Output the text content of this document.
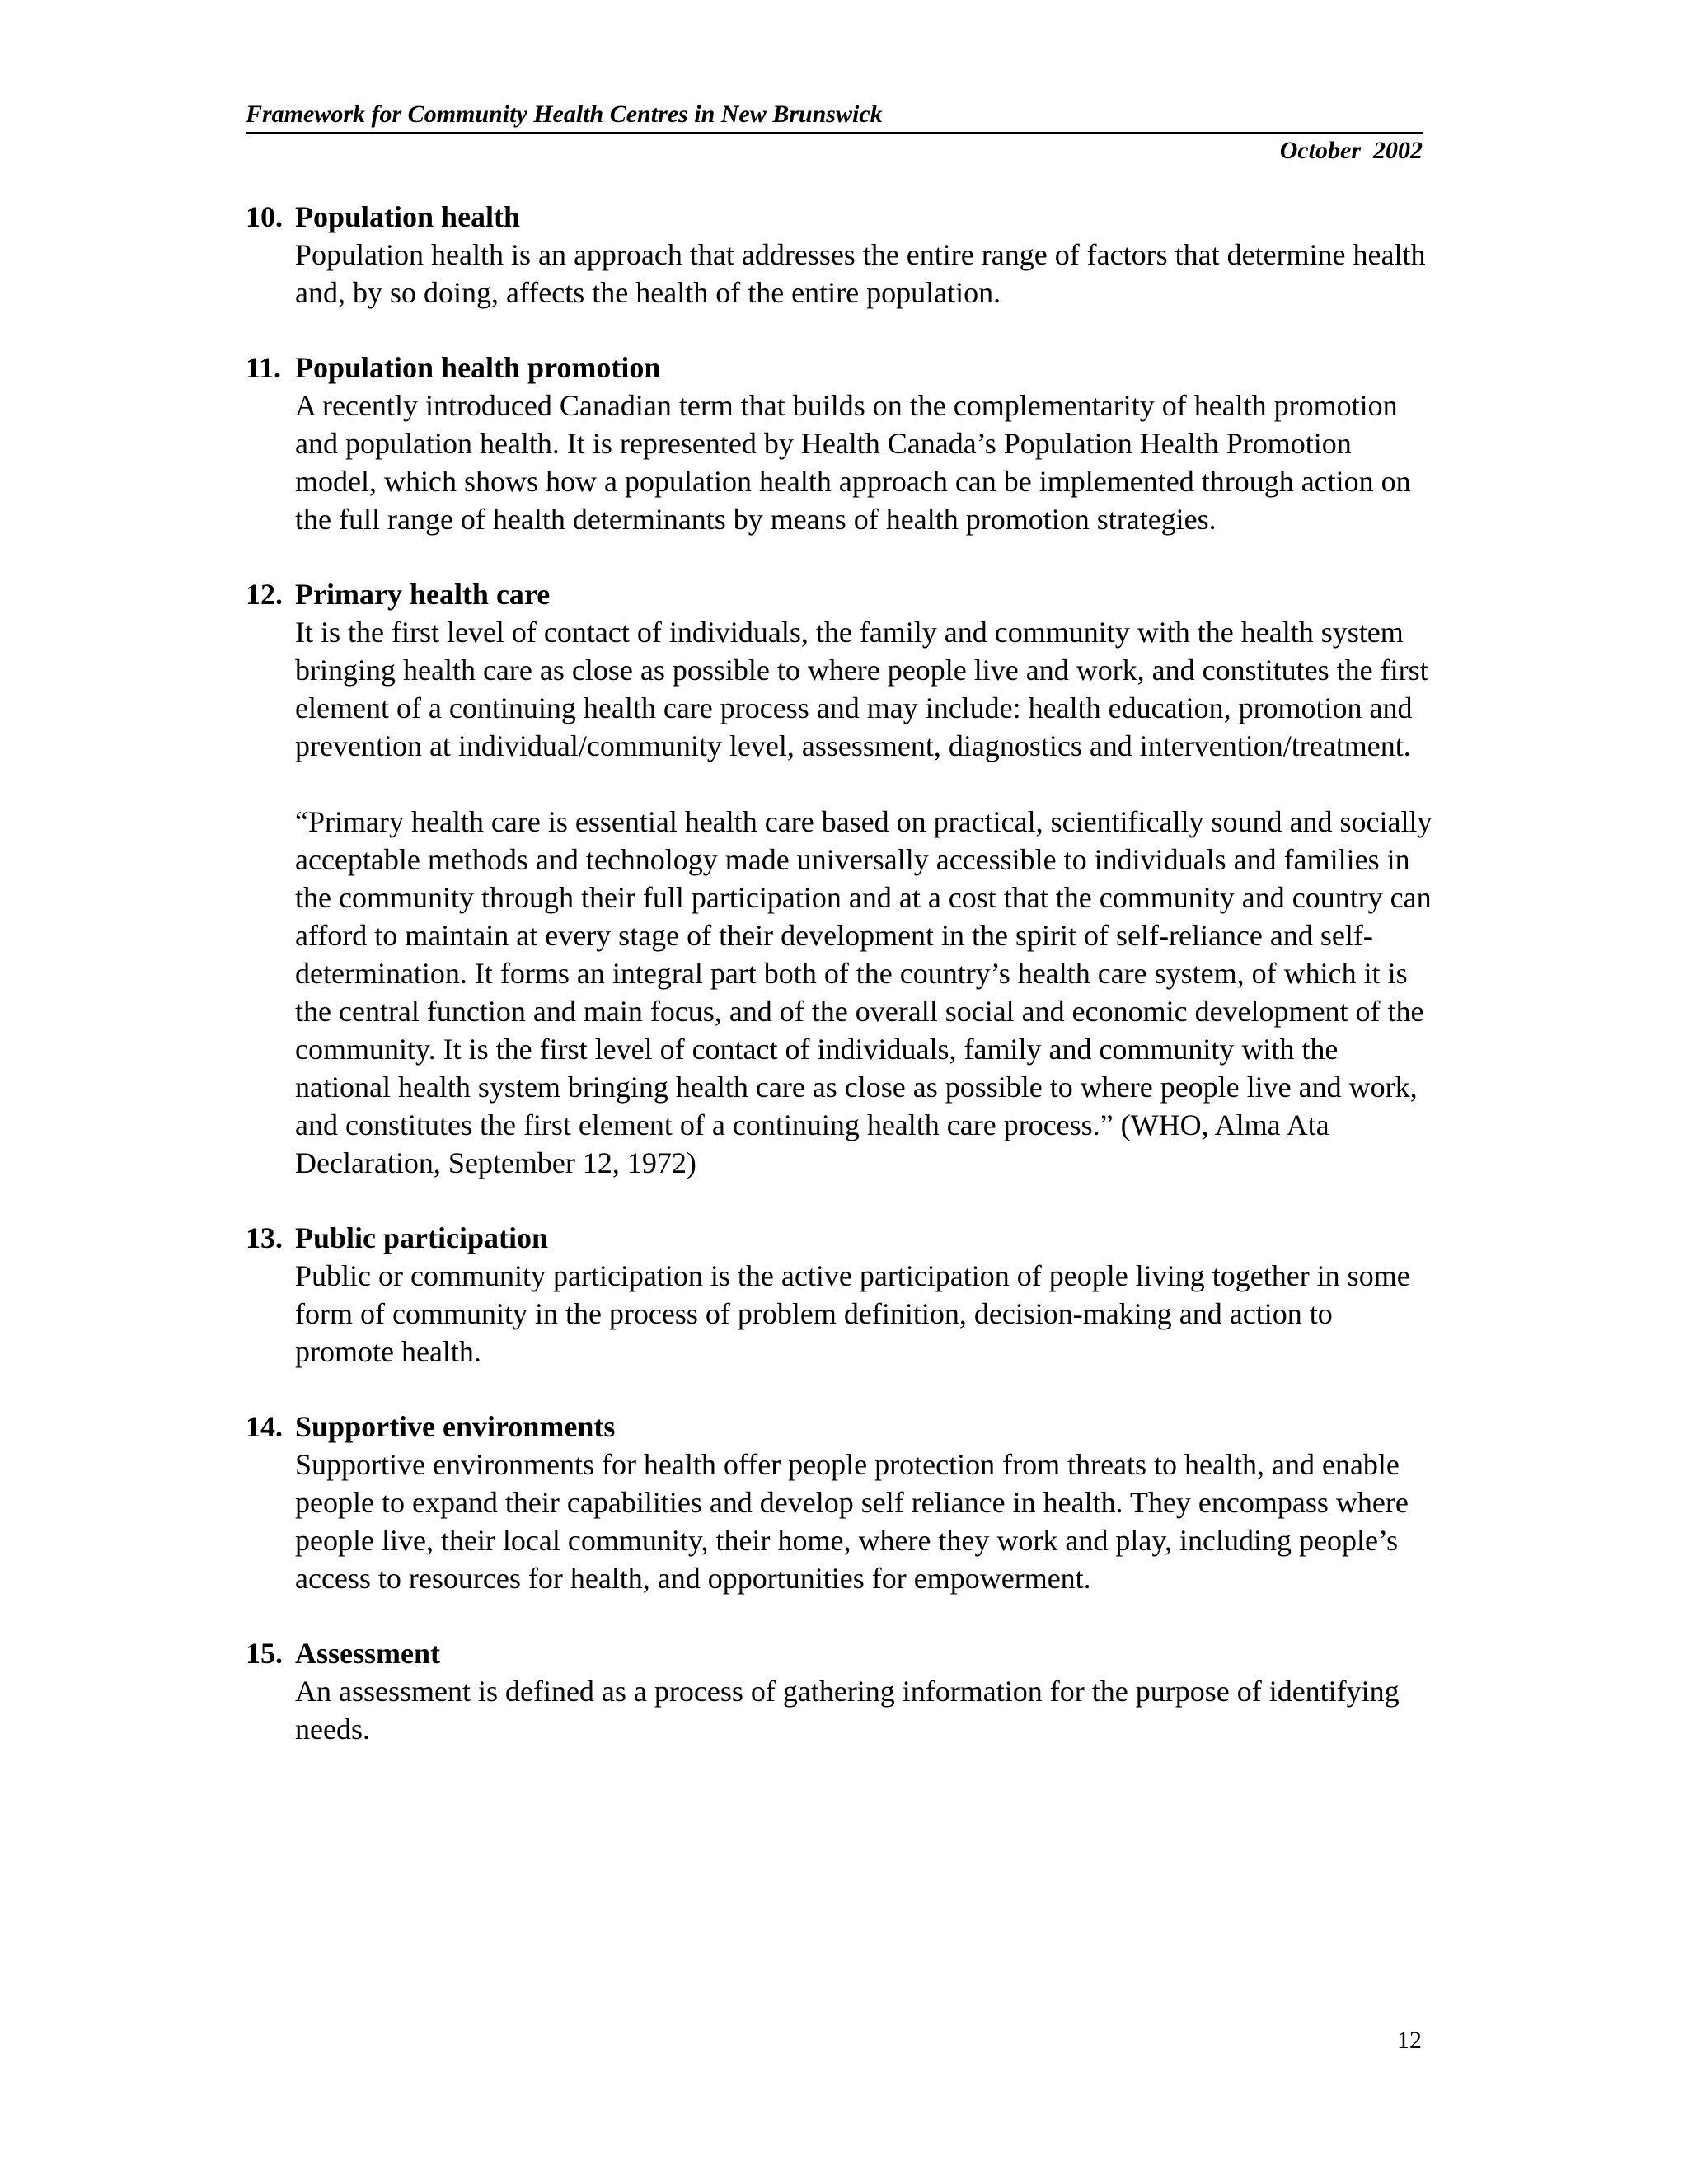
Framework for Community Health Centres in New Brunswick
October  2002
10. Population health

Population health is an approach that addresses the entire range of factors that determine health and, by so doing, affects the health of the entire population.

11. Population health promotion

A recently introduced Canadian term that builds on the complementarity of health promotion and population health. It is represented by Health Canada’s Population Health Promotion model, which shows how a population health approach can be implemented through action on the full range of health determinants by means of health promotion strategies.

12. Primary health care

It is the first level of contact of individuals, the family and community with the health system bringing health care as close as possible to where people live and work, and constitutes the first element of a continuing health care process and may include: health education, promotion and prevention at individual/community level, assessment, diagnostics and intervention/treatment.

“Primary health care is essential health care based on practical, scientifically sound and socially acceptable methods and technology made universally accessible to individuals and families in the community through their full participation and at a cost that the community and country can afford to maintain at every stage of their development in the spirit of self-reliance and self-determination. It forms an integral part both of the country’s health care system, of which it is the central function and main focus, and of the overall social and economic development of the community. It is the first level of contact of individuals, family and community with the national health system bringing health care as close as possible to where people live and work, and constitutes the first element of a continuing health care process.” (WHO, Alma Ata Declaration, September 12, 1972)

13. Public participation

Public or community participation is the active participation of people living together in some form of community in the process of problem definition, decision-making and action to promote health.

14. Supportive environments

Supportive environments for health offer people protection from threats to health, and enable people to expand their capabilities and develop self reliance in health. They encompass where people live, their local community, their home, where they work and play, including people’s access to resources for health, and opportunities for empowerment.

15. Assessment

An assessment is defined as a process of gathering information for the purpose of identifying needs.

12
